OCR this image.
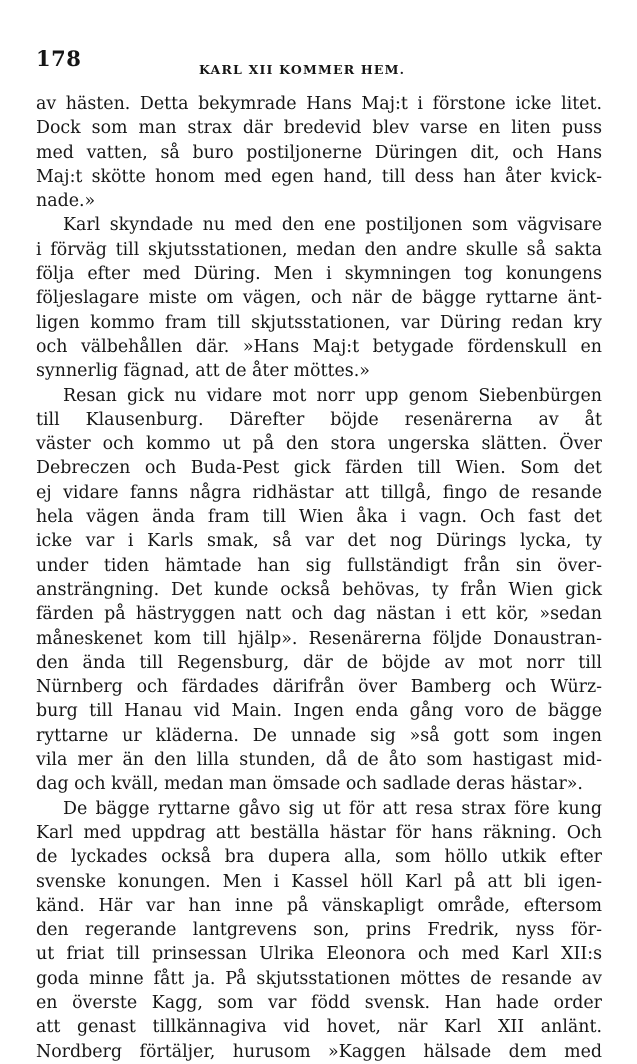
178	KARL XII KOMMER HEM.
av hästen. Detta bekymrade Hans Maj:t i förstone icke litet.
Dock som man strax där bredevid blev varse en liten puss
med vatten, så buro postiljonerne Düringen dit, och Hans
Maj:t skötte honom med egen hand, till dess han åter kvick-
nade.»
Karl skyndade nu med den ene postiljonen som vägvisare
i förväg till skjutsstationen, medan den andre skulle så sakta
följa efter med Düring. Men i skymningen tog konungens
följeslagare miste om vägen, och när de bägge ryttarne änt-
ligen kommo fram till skjutsstationen, var Düring redan kry
och välbehållen där. »Hans Maj:t betygade fördenskull en
synnerlig fägnad, att de åter möttes.»
Resan gick nu vidare mot norr upp genom Siebenbürgen
till Klausenburg. Därefter böjde resenärerna av åt
väster och kommo ut på den stora ungerska slätten. Över
Debreczen och Buda-Pest gick färden till Wien. Som det
ej vidare fanns några ridhästar att tillgå, fingo de resande
hela vägen ända fram till Wien åka i vagn. Och fast det
icke var i Karls smak, så var det nog Dürings lycka, ty
under tiden hämtade han sig fullständigt från sin över-
ansträngning. Det kunde också behövas, ty från Wien gick
färden på hästryggen natt och dag nästan i ett kör, »sedan
måneskenet kom till hjälp». Resenärerna följde Donaustran-
den ända till Regensburg, där de böjde av mot norr till
Nürnberg och färdades därifrån över Bamberg och Würz-
burg till Hanau vid Main. Ingen enda gång voro de bägge
ryttarne ur kläderna. De unnade sig »så gott som ingen
vila mer än den lilla stunden, då de åto som hastigast mid-
dag och kväll, medan man ömsade och sadlade deras hästar».
De bägge ryttarne gåvo sig ut för att resa strax före kung
Karl med uppdrag att beställa hästar för hans räkning. Och
de lyckades också bra dupera alla, som höllo utkik efter
svenske konungen. Men i Kassel höll Karl på att bli igen-
känd. Här var han inne på vänskapligt område, eftersom
den regerande lantgrevens son, prins Fredrik, nyss för-
ut friat till prinsessan Ulrika Eleonora och med Karl XII:s
goda minne fått ja. På skjutsstationen möttes de resande av
en överste Kagg, som var född svensk. Han hade order
att genast tillkännagiva vid hovet, när Karl XII anlänt.
Nordberg förtäljer, hurusom »Kaggen hälsade dem med
